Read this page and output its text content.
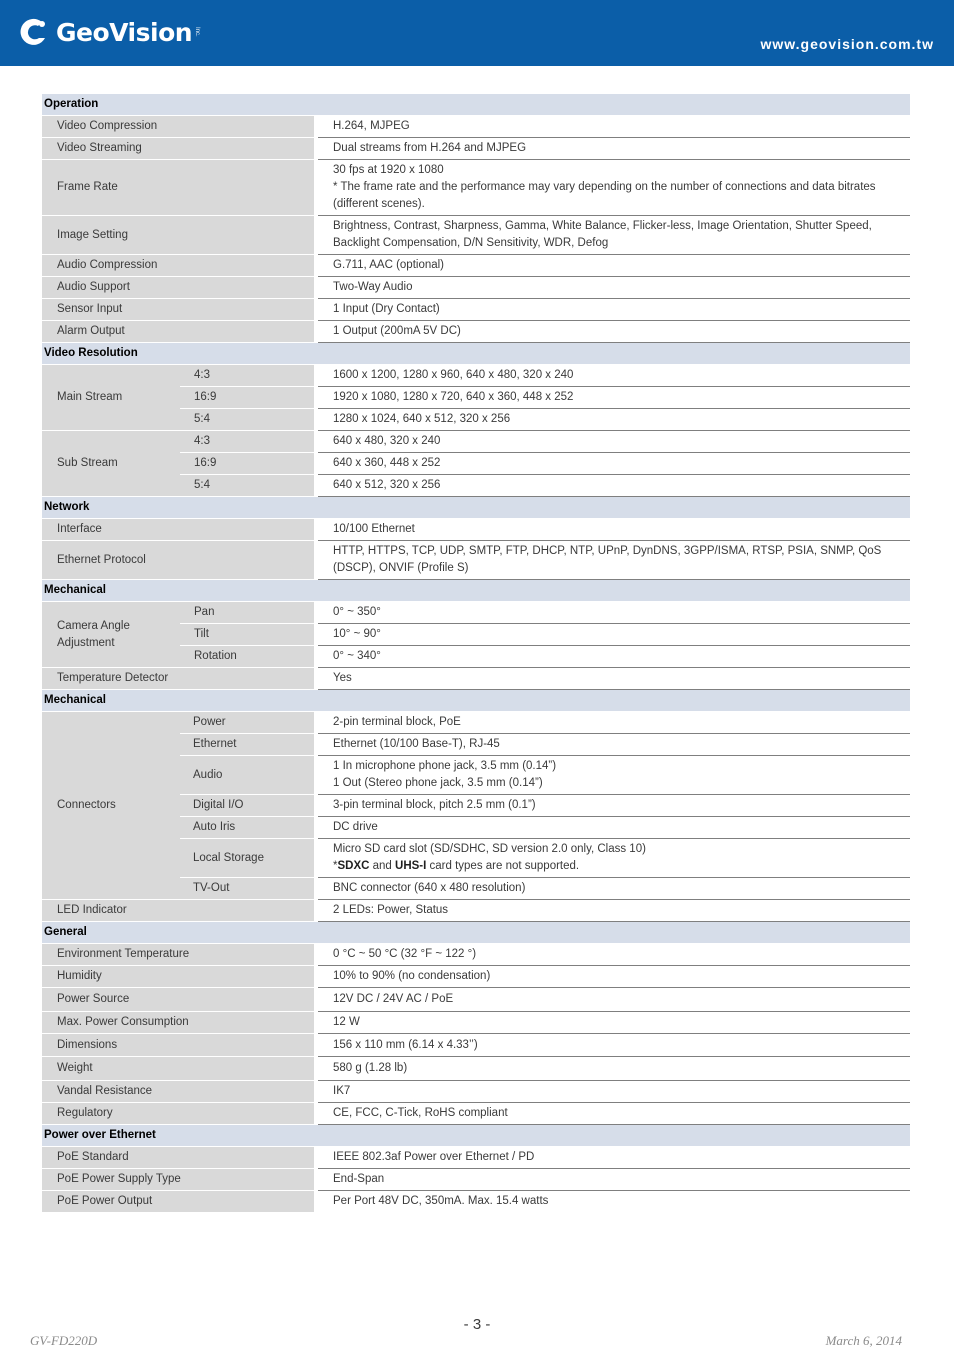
GeoVision Inc.
www.geovision.com.tw
Operation			
Video Compression			H.264, MJPEG
Video Streaming			Dual streams from H.264 and MJPEG
Frame Rate			30 fps at 1920 x 1080
* The frame rate and the performance may vary depending on the number of connections and data bitrates (different scenes).

Image Setting			Brightness, Contrast, Sharpness, Gamma, White Balance, Flicker-less, Image Orientation, Shutter Speed, Backlight Compensation, D/N Sensitivity, WDR, Defog
Audio Compression			G.711, AAC (optional)
Audio Support			Two-Way Audio
Sensor Input			1 Input (Dry Contact)
Alarm Output			1 Output (200mA 5V DC)
Video Resolution			
Main Stream	4:3		1600 x 1200, 1280 x 960, 640 x 480, 320 x 240
	16:9		1920 x 1080, 1280 x 720, 640 x 360, 448 x 252
	5:4		1280 x 1024, 640 x 512, 320 x 256
Sub Stream	4:3		640 x 480, 320 x 240
	16:9		640 x 360, 448 x 252
	5:4		640 x 512, 320 x 256
Network			
Interface			10/100 Ethernet
Ethernet Protocol			HTTP, HTTPS, TCP, UDP, SMTP, FTP, DHCP, NTP, UPnP, DynDNS, 3GPP/ISMA, RTSP, PSIA, SNMP, QoS (DSCP), ONVIF (Profile S)
Mechanical			
Camera Angle Adjustment	Pan		0° ~ 350°
	Tilt		10° ~ 90°
	Rotation		0° ~ 340°
Temperature Detector			Yes
Mechanical			
Connectors	Power		2-pin terminal block, PoE
	Ethernet		Ethernet (10/100 Base-T), RJ-45
	Audio		1 In microphone phone jack, 3.5 mm (0.14”)
1 Out (Stereo phone jack, 3.5 mm (0.14”)

	Digital I/O		3-pin terminal block, pitch 2.5 mm (0.1”)
	Auto Iris		DC drive
	Local Storage		Micro SD card slot (SD/SDHC, SD version 2.0 only, Class 10)
*SDXC and UHS-I card types are not supported.

	TV-Out		BNC connector (640 x 480 resolution)
LED Indicator			2 LEDs: Power, Status
General			
Environment Temperature			0 °C ~ 50 °C (32 °F ~ 122 °)
Humidity			10% to 90% (no condensation)
Power Source			12V DC / 24V AC / PoE
Max. Power Consumption			12 W
Dimensions			156 x 110 mm (6.14 x 4.33’’)
Weight			580 g (1.28 lb)
Vandal Resistance			IK7
Regulatory			CE, FCC, C-Tick, RoHS compliant
Power over Ethernet			
PoE Standard			IEEE 802.3af Power over Ethernet / PD
PoE Power Supply Type			End-Span
PoE Power Output			Per Port 48V DC, 350mA. Max. 15.4 watts
- 3 -
GV-FD220D	March 6, 2014
